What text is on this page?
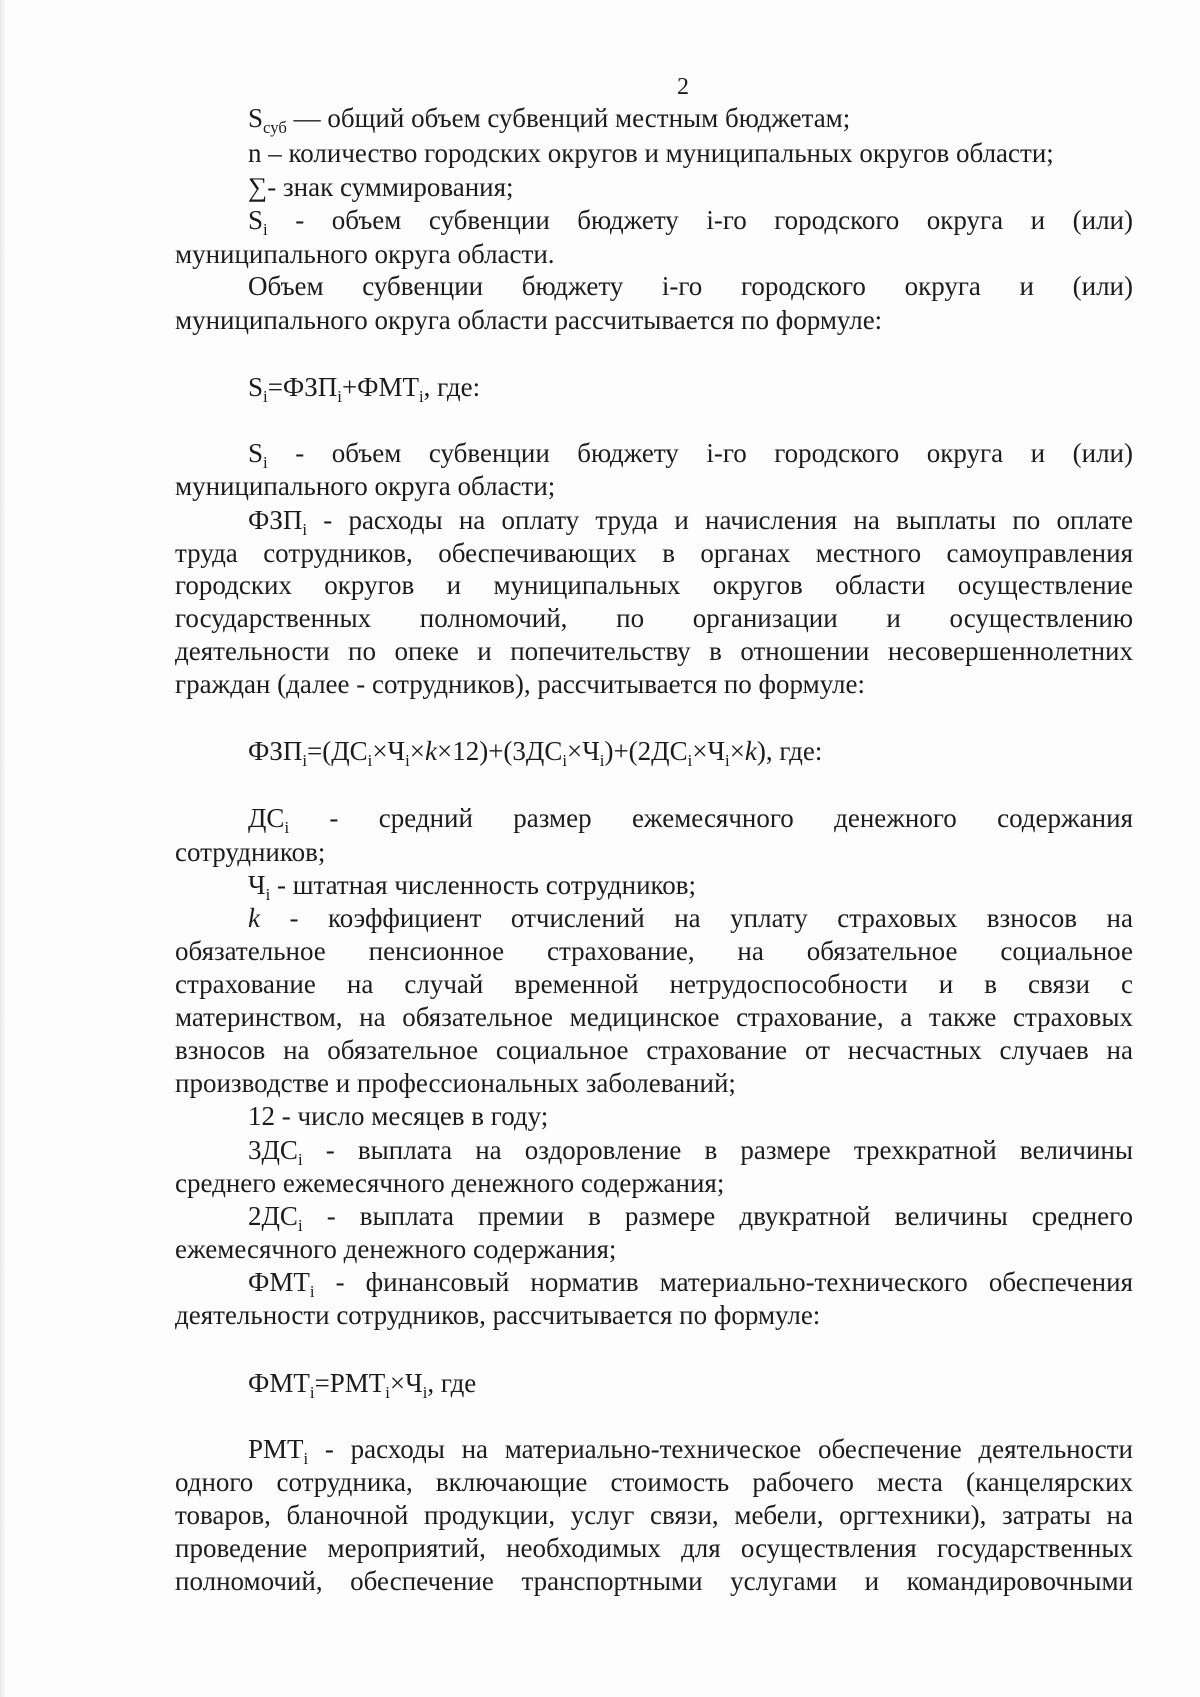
2
$S_{суб}$ — общий объем субвенций местным бюджетам;
n – количество городских округов и муниципальных округов области;
∑- знак суммирования;
$S_i$ - объем субвенции бюджету i-го городского округа и (или)
муниципального округа области.
Объем субвенции бюджету i-го городского округа и (или)
муниципального округа области рассчитывается по формуле:
$S_i=ФЗП_i+ФМТ_i$, где:
$S_i$ - объем субвенции бюджету i-го городского округа и (или)
муниципального округа области;
$ФЗП_i$ - расходы на оплату труда и начисления на выплаты по оплате
труда сотрудников, обеспечивающих в органах местного самоуправления
городских округов и муниципальных округов области осуществление
государственных полномочий, по организации и осуществлению
деятельности по опеке и попечительству в отношении несовершеннолетних
граждан (далее - сотрудников), рассчитывается по формуле:
$ФЗП_i=(ДС_i\times Ч_i\times k\times 12)+(3ДС_i\times Ч_i)+(2ДС_i\times Ч_i\times k)$, где:
$ДС_i$ - средний размер ежемесячного денежного содержания
сотрудников;
$Ч_i$ - штатная численность сотрудников;
k - коэффициент отчислений на уплату страховых взносов на
обязательное пенсионное страхование, на обязательное социальное
страхование на случай временной нетрудоспособности и в связи с
материнством, на обязательное медицинское страхование, а также страховых
взносов на обязательное социальное страхование от несчастных случаев на
производстве и профессиональных заболеваний;
12 - число месяцев в году;
$3ДС_i$ - выплата на оздоровление в размере трехкратной величины
среднего ежемесячного денежного содержания;
$2ДС_i$ - выплата премии в размере двукратной величины среднего
ежемесячного денежного содержания;
$ФМТ_i$ - финансовый норматив материально-технического обеспечения
деятельности сотрудников, рассчитывается по формуле:
$ФМТ_i=РМТ_i\times Ч_i$, где
$РМТ_i$ - расходы на материально-техническое обеспечение деятельности
одного сотрудника, включающие стоимость рабочего места (канцелярских
товаров, бланочной продукции, услуг связи, мебели, оргтехники), затраты на
проведение мероприятий, необходимых для осуществления государственных
полномочий, обеспечение транспортными услугами и командировочными
